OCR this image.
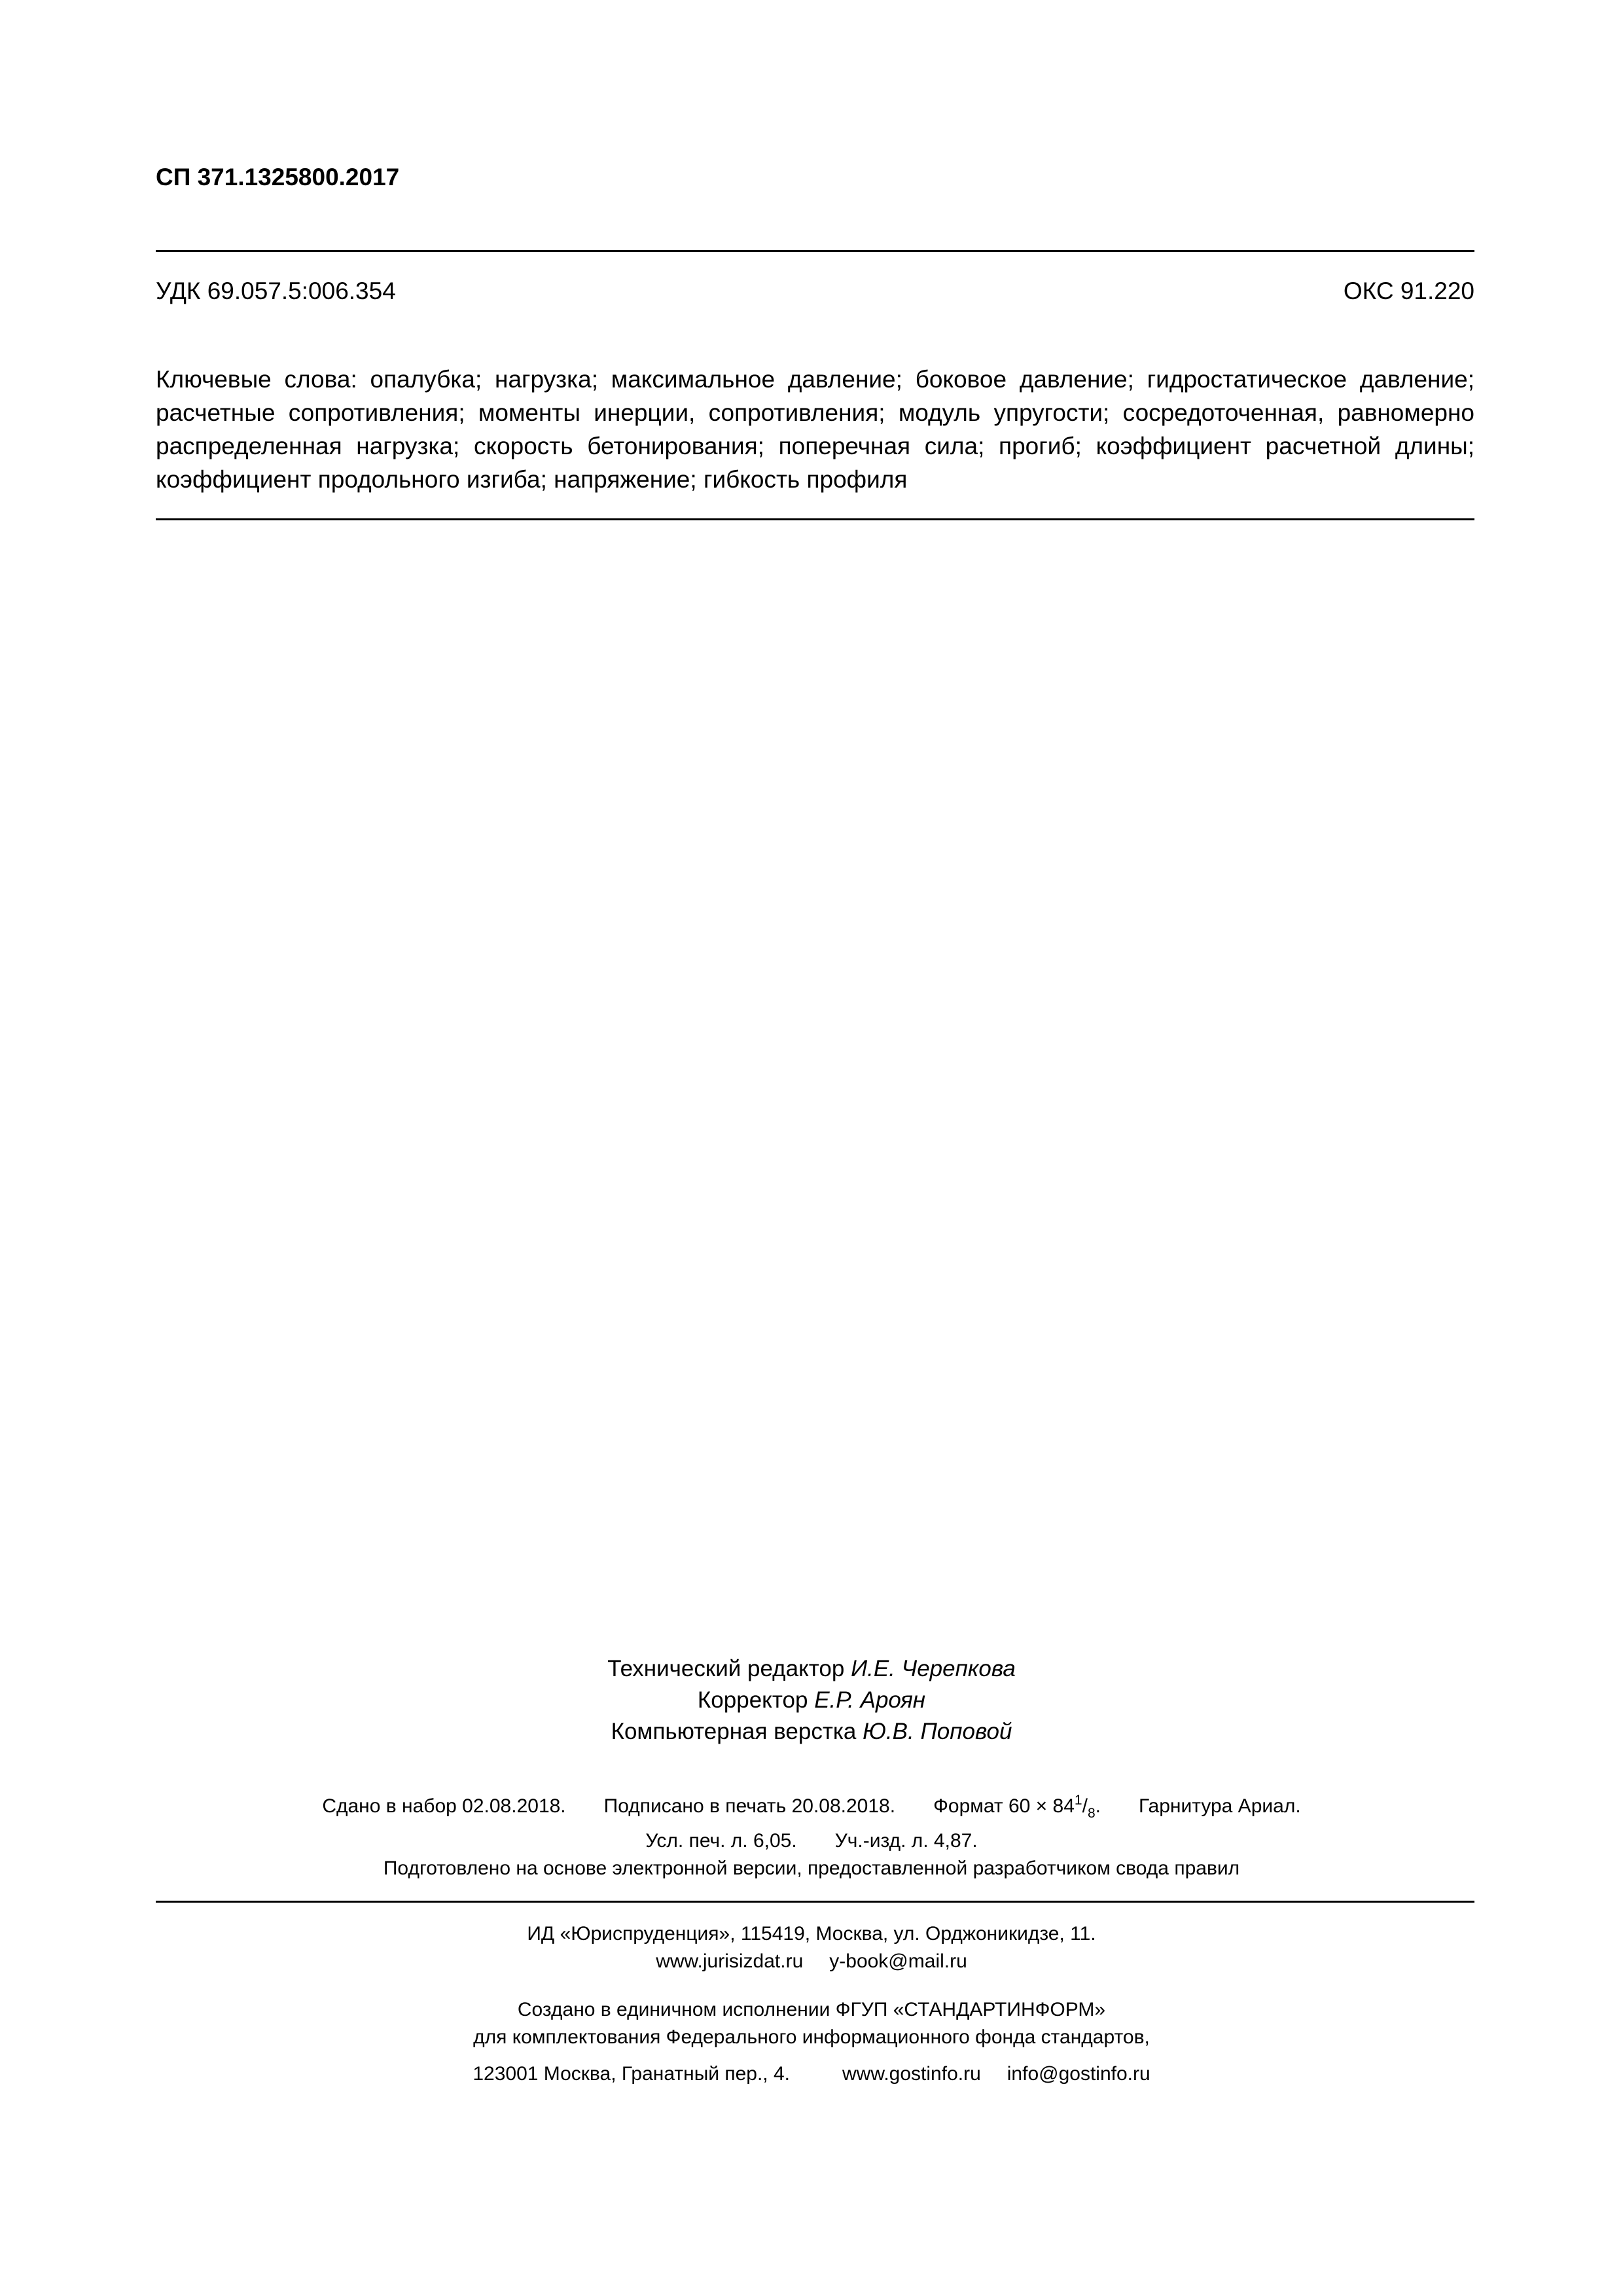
СП 371.1325800.2017
УДК 69.057.5:006.354	ОКС 91.220
Ключевые слова: опалубка; нагрузка; максимальное давление; боковое давление; гидростатическое давление; расчетные сопротивления; моменты инерции, сопротивления; модуль упругости; сосредоточенная, равномерно распределенная нагрузка; скорость бетонирования; поперечная сила; прогиб; коэффициент расчетной длины; коэффициент продольного изгиба; напряжение; гибкость профиля
Технический редактор И.Е. Черепкова
Корректор Е.Р. Ароян
Компьютерная верстка Ю.В. Поповой
Сдано в набор 02.08.2018. Подписано в печать 20.08.2018. Формат $60 \times 84^1/_8$. Гарнитура Ариал.
Усл. печ. л. 6,05. Уч.-изд. л. 4,87.
Подготовлено на основе электронной версии, предоставленной разработчиком свода правил
ИД «Юриспруденция», 115419, Москва, ул. Орджоникидзе, 11.
www.jurisizdat.ru y-book@mail.ru
Создано в единичном исполнении ФГУП «СТАНДАРТИНФОРМ»
для комплектования Федерального информационного фонда стандартов,
123001 Москва, Гранатный пер., 4.	www.gostinfo.ru info@gostinfo.ru
